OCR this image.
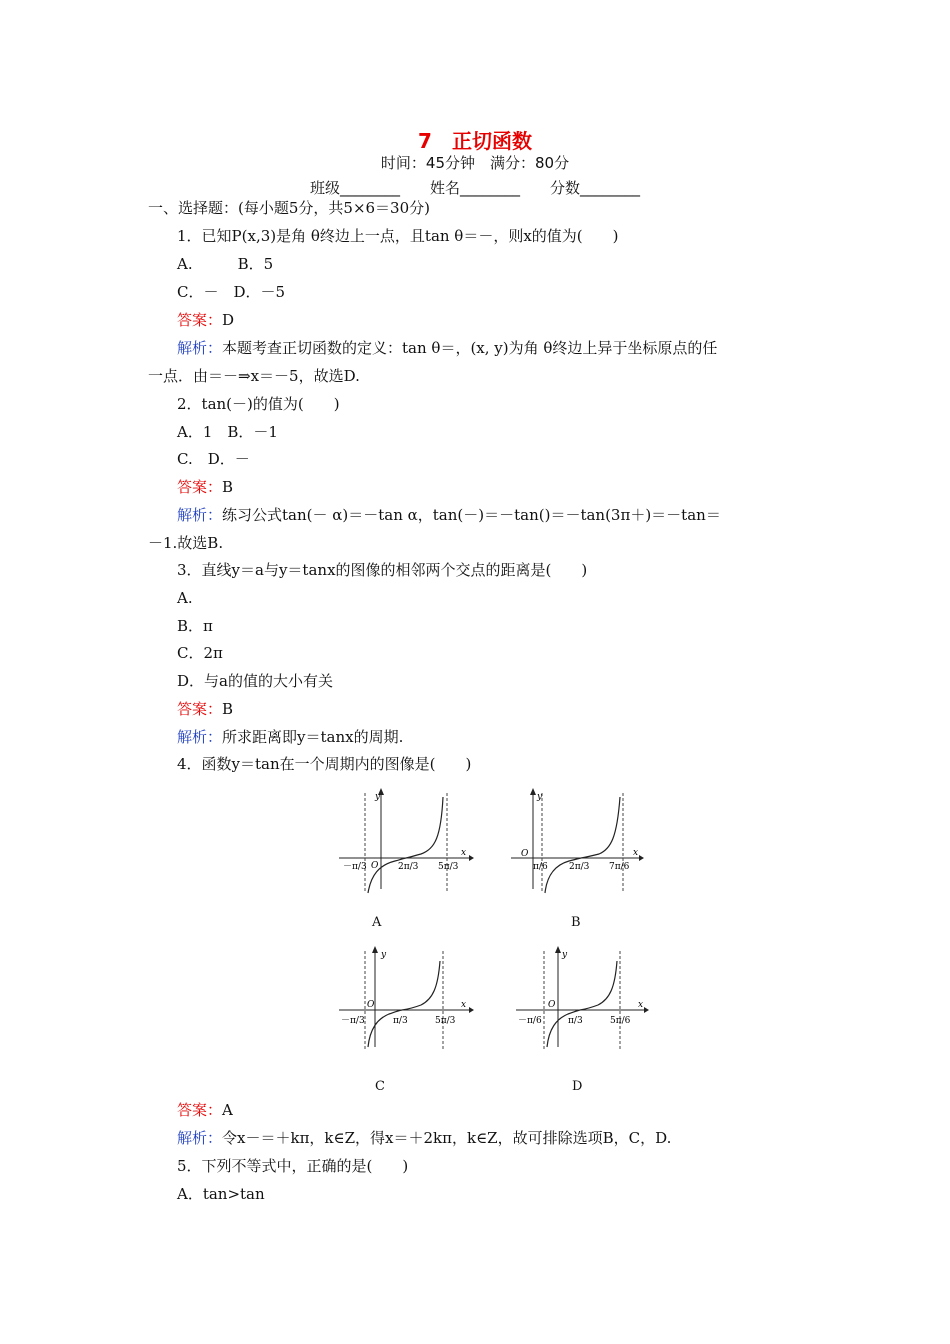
7　正切函数
时间：45分钟　满分：80分
班级________　　姓名________　　分数________
一、选择题：(每小题5分，共5×6＝30分)
1．已知P(x,3)是角 θ终边上一点，且tan θ＝－，则x的值为(　　)
A.　　　B．5
C．－　D．－5
答案：D
解析：本题考查正切函数的定义：tan θ＝，(x, y)为角 θ终边上异于坐标原点的任
一点．由＝－⇒x＝－5，故选D.
2．tan(－)的值为(　　)
A．1　B．－1
C.　D．－
答案：B
解析：练习公式tan(－ α)＝－tan α，tan(－)＝－tan()＝－tan(3π＋)＝－tan＝
－1.故选B.
3．直线y＝a与y＝tanx的图像的相邻两个交点的距离是(　　)
A.
B．π
C．2π
D．与a的值的大小有关
答案：B
解析：所求距离即y＝tanx的周期.
4．函数y＝tan在一个周期内的图像是(　　)
y
x
O
－π/3	2π/3 5π/3
A
y
x
O
π/6 2π/3 7π/6
B
y
x
O
－π/3	π/3	5π/3
C
y
x
O
－π/6	π/3	5π/6
D
答案：A
解析：令x－＝＋kπ，k∈Z，得x＝＋2kπ，k∈Z，故可排除选项B，C，D.
5．下列不等式中，正确的是(　　)
A．tan>tan
